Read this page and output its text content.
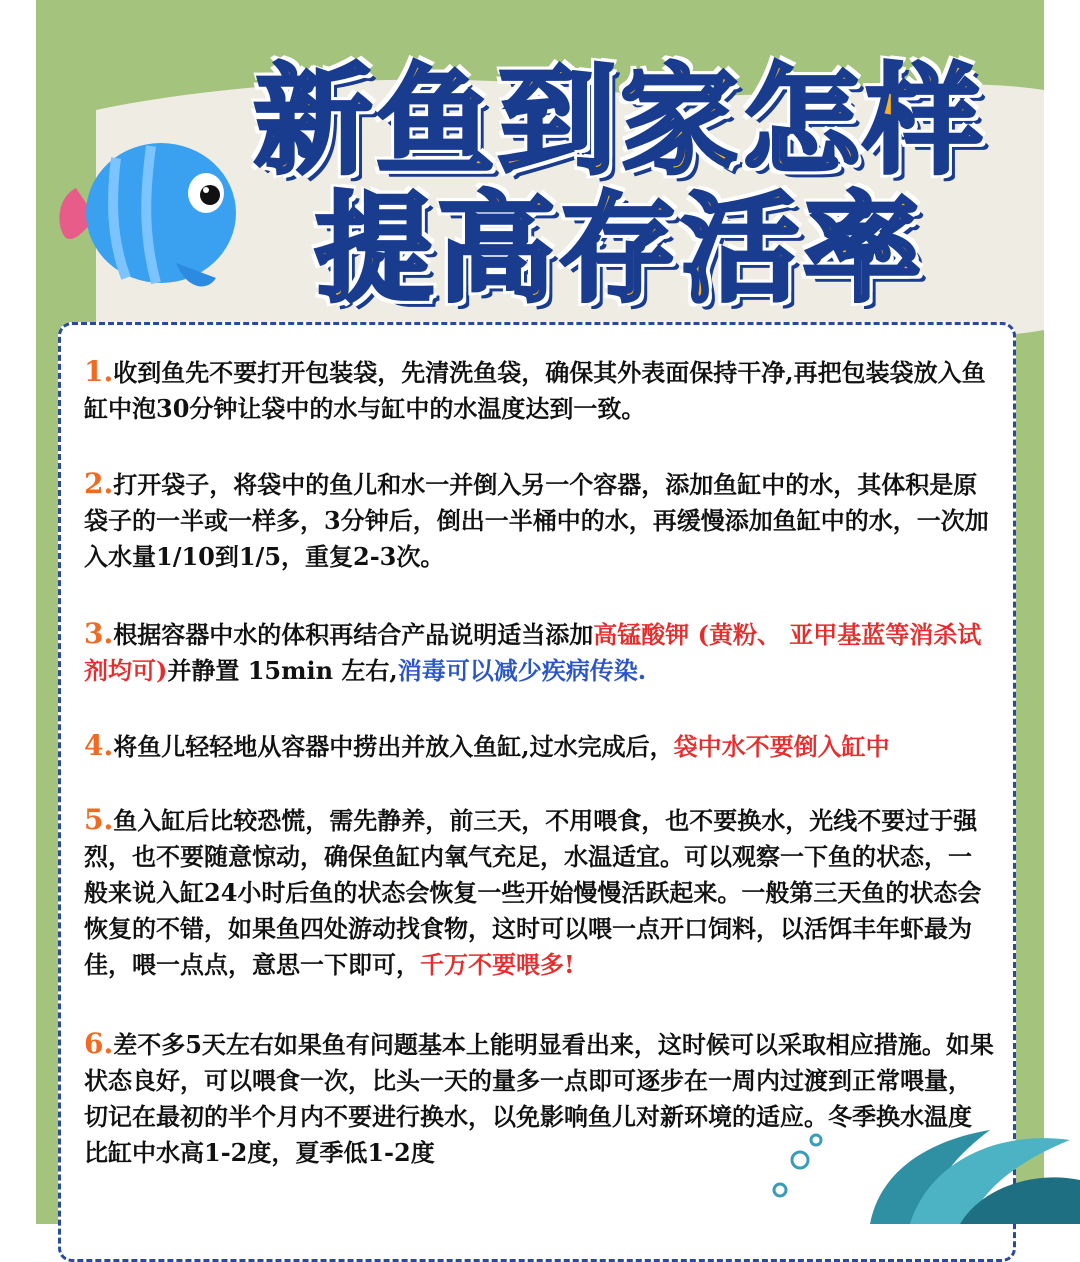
新鱼到家怎样
提高存活率
1.收到鱼先不要打开包装袋，先清洗鱼袋，确保其外表面保持干净,再把包装袋放入鱼缸中泡30分钟让袋中的水与缸中的水温度达到一致。
2.打开袋子，将袋中的鱼儿和水一并倒入另一个容器，添加鱼缸中的水，其体积是原袋子的一半或一样多，3分钟后，倒出一半桶中的水，再缓慢添加鱼缸中的水，一次加入水量1/10到1/5，重复2-3次。
3.根据容器中水的体积再结合产品说明适当添加高锰酸钾 (黄粉、 亚甲基蓝等消杀试剂均可)并静置 15min 左右,消毒可以减少疾病传染.
4.将鱼儿轻轻地从容器中捞出并放入鱼缸,过水完成后，袋中水不要倒入缸中
5.鱼入缸后比较恐慌，需先静养，前三天，不用喂食，也不要换水，光线不要过于强烈，也不要随意惊动，确保鱼缸内氧气充足，水温适宜。可以观察一下鱼的状态，一般来说入缸24小时后鱼的状态会恢复一些开始慢慢活跃起来。一般第三天鱼的状态会恢复的不错，如果鱼四处游动找食物，这时可以喂一点开口饲料，以活饵丰年虾最为佳，喂一点点，意思一下即可，千万不要喂多!
6.差不多5天左右如果鱼有问题基本上能明显看出来，这时候可以采取相应措施。如果状态良好，可以喂食一次，比头一天的量多一点即可逐步在一周内过渡到正常喂量，切记在最初的半个月内不要进行换水，以免影响鱼儿对新环境的适应。冬季换水温度比缸中水高1-2度，夏季低1-2度
